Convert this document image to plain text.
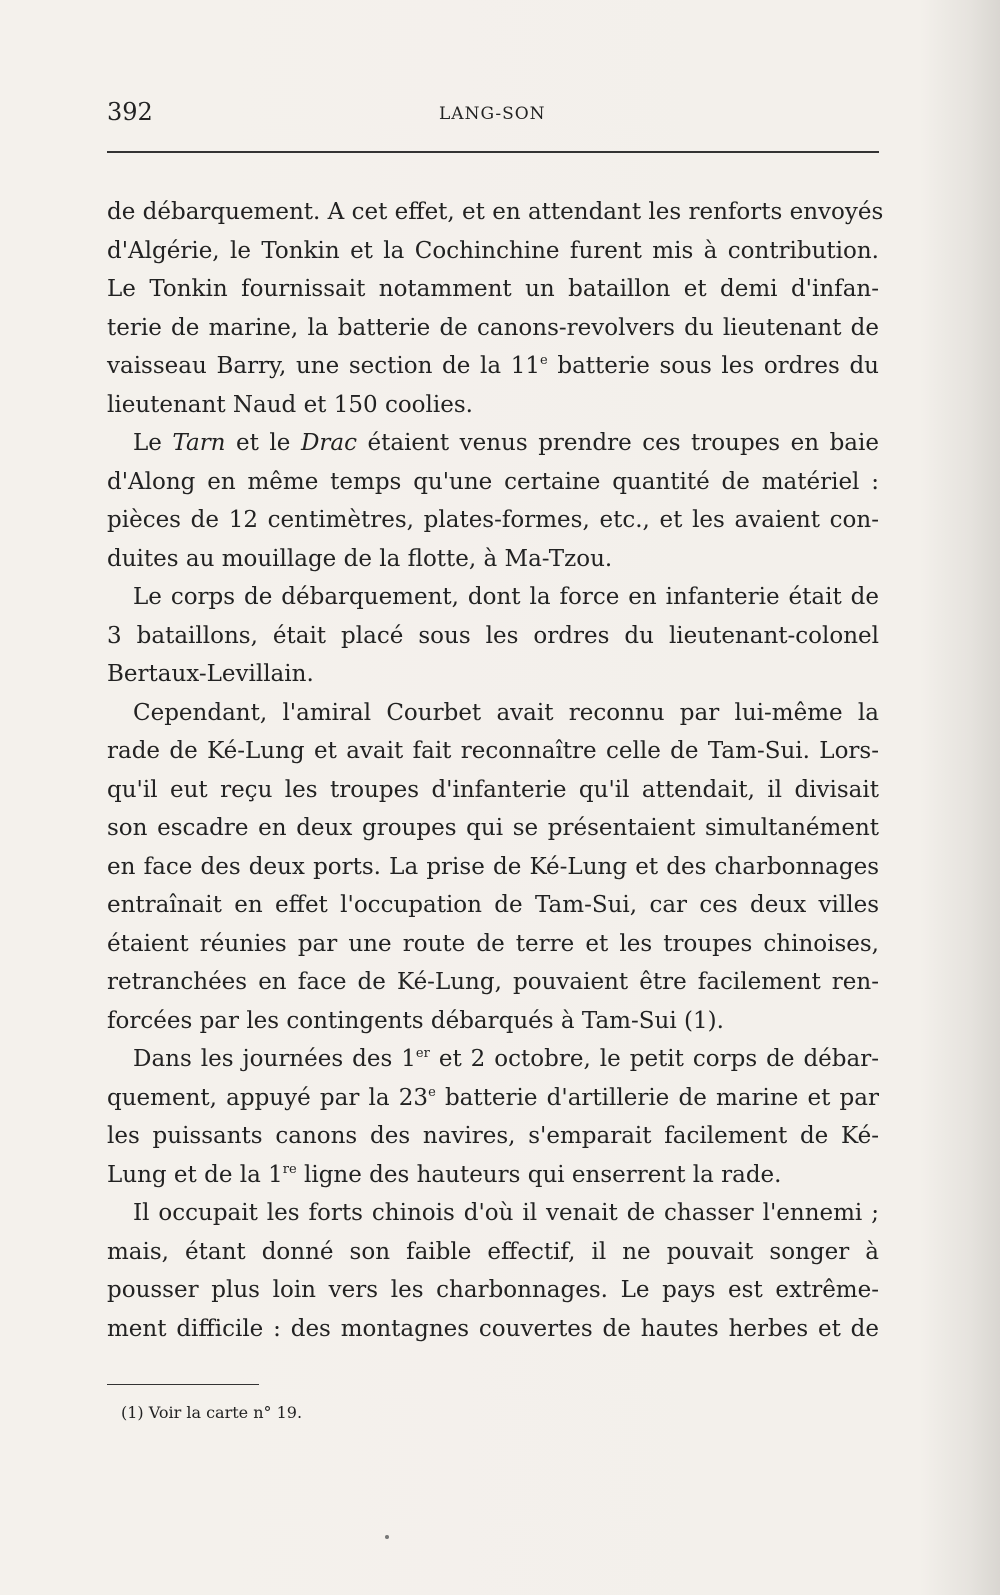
392	LANG-SON
de débarquement. A cet effet, et en attendant les renforts envoyés
d'Algérie, le Tonkin et la Cochinchine furent mis à contribution.
Le Tonkin fournissait notamment un bataillon et demi d'infan-
terie de marine, la batterie de canons-revolvers du lieutenant de
vaisseau Barry, une section de la 11e batterie sous les ordres du
lieutenant Naud et 150 coolies.
Le Tarn et le Drac étaient venus prendre ces troupes en baie
d'Along en même temps qu'une certaine quantité de matériel :
pièces de 12 centimètres, plates-formes, etc., et les avaient con-
duites au mouillage de la flotte, à Ma-Tzou.
Le corps de débarquement, dont la force en infanterie était de
3 bataillons, était placé sous les ordres du lieutenant-colonel
Bertaux-Levillain.
Cependant, l'amiral Courbet avait reconnu par lui-même la
rade de Ké-Lung et avait fait reconnaître celle de Tam-Sui. Lors-
qu'il eut reçu les troupes d'infanterie qu'il attendait, il divisait
son escadre en deux groupes qui se présentaient simultanément
en face des deux ports. La prise de Ké-Lung et des charbonnages
entraînait en effet l'occupation de Tam-Sui, car ces deux villes
étaient réunies par une route de terre et les troupes chinoises,
retranchées en face de Ké-Lung, pouvaient être facilement ren-
forcées par les contingents débarqués à Tam-Sui (1).
Dans les journées des 1er et 2 octobre, le petit corps de débar-
quement, appuyé par la 23e batterie d'artillerie de marine et par
les puissants canons des navires, s'emparait facilement de Ké-
Lung et de la 1re ligne des hauteurs qui enserrent la rade.
Il occupait les forts chinois d'où il venait de chasser l'ennemi ;
mais, étant donné son faible effectif, il ne pouvait songer à
pousser plus loin vers les charbonnages. Le pays est extrême-
ment difficile : des montagnes couvertes de hautes herbes et de
(1) Voir la carte n° 19.
